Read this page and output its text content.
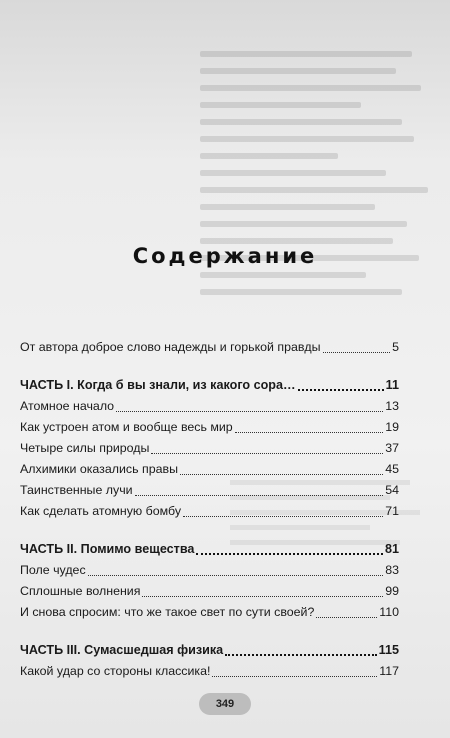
Содержание
От автора доброе слово надежды и горькой правды	5
ЧАСТЬ I. Когда б вы знали, из какого сора…	11
Атомное начало	13
Как устроен атом и вообще весь мир	19
Четыре силы природы	37
Алхимики оказались правы	45
Таинственные лучи	54
Как сделать атомную бомбу	71
ЧАСТЬ II. Помимо вещества	81
Поле чудес	83
Сплошные волнения	99
И снова спросим: что же такое свет по сути своей?	110
ЧАСТЬ III. Сумасшедшая физика	115
Какой удар со стороны классика!	117
349
